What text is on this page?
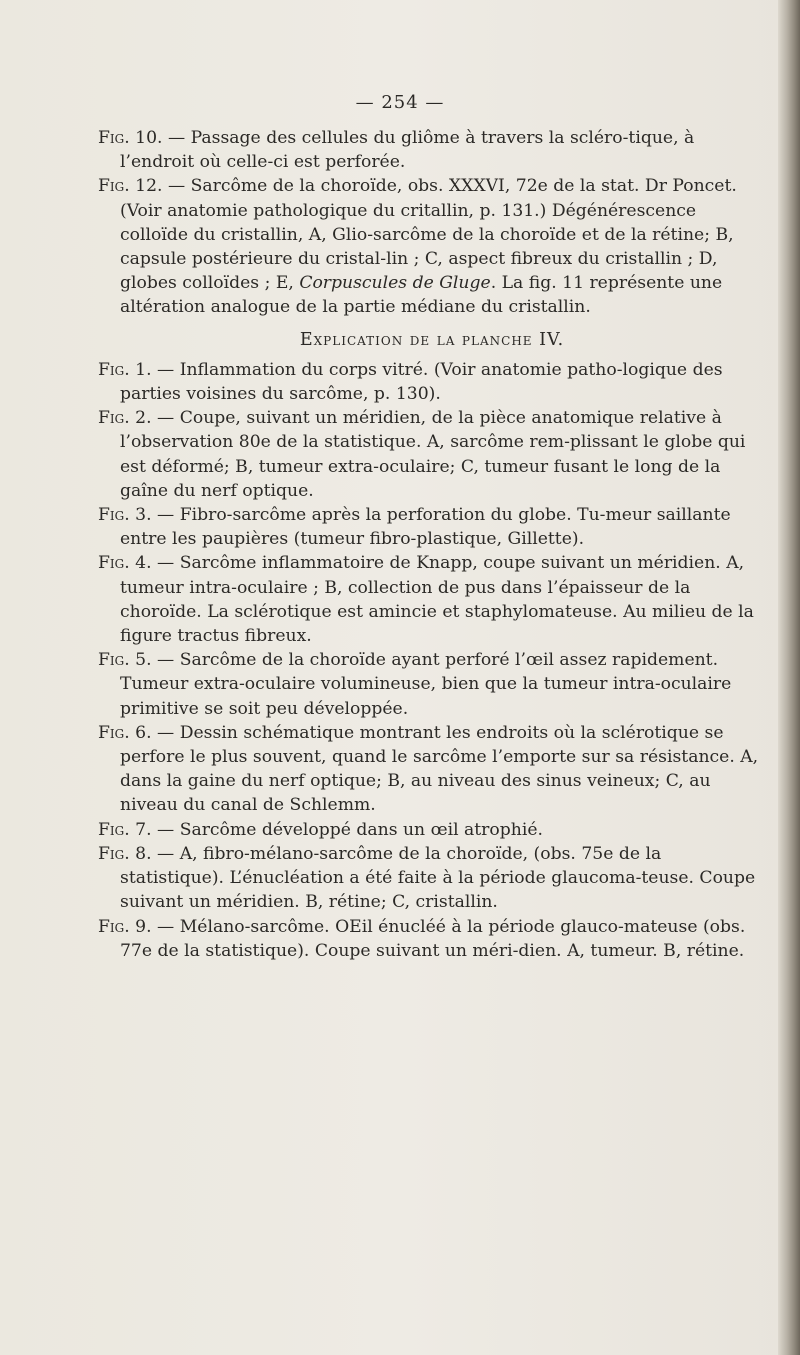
— 254 —

Fig. 10. — Passage des cellules du gliôme à travers la scléro-tique, à l’endroit où celle-ci est perforée.

Fig. 12. — Sarcôme de la choroïde, obs. XXXVI, 72e de la stat. Dr Poncet. (Voir anatomie pathologique du critallin, p. 131.) Dégénérescence colloïde du cristallin, A, Glio-sarcôme de la choroïde et de la rétine; B, capsule postérieure du cristal-lin ; C, aspect fibreux du cristallin ; D, globes colloïdes ; E, Corpuscules de Gluge. La fig. 11 représente une altération analogue de la partie médiane du cristallin.

Explication de la planche IV.

Fig. 1. — Inflammation du corps vitré. (Voir anatomie patho-logique des parties voisines du sarcôme, p. 130).

Fig. 2. — Coupe, suivant un méridien, de la pièce anatomique relative à l’observation 80e de la statistique. A, sarcôme rem-plissant le globe qui est déformé; B, tumeur extra-oculaire; C, tumeur fusant le long de la gaîne du nerf optique.

Fig. 3. — Fibro-sarcôme après la perforation du globe. Tu-meur saillante entre les paupières (tumeur fibro-plastique, Gillette).

Fig. 4. — Sarcôme inflammatoire de Knapp, coupe suivant un méridien. A, tumeur intra-oculaire ; B, collection de pus dans l’épaisseur de la choroïde. La sclérotique est amincie et staphylomateuse. Au milieu de la figure tractus fibreux.

Fig. 5. — Sarcôme de la choroïde ayant perforé l’œil assez rapidement. Tumeur extra-oculaire volumineuse, bien que la tumeur intra-oculaire primitive se soit peu développée.

Fig. 6. — Dessin schématique montrant les endroits où la sclérotique se perfore le plus souvent, quand le sarcôme l’emporte sur sa résistance. A, dans la gaine du nerf optique; B, au niveau des sinus veineux; C, au niveau du canal de Schlemm.

Fig. 7. — Sarcôme développé dans un œil atrophié.

Fig. 8. — A, fibro-mélano-sarcôme de la choroïde, (obs. 75e de la statistique). L’énucléation a été faite à la période glaucoma-teuse. Coupe suivant un méridien. B, rétine; C, cristallin.

Fig. 9. — Mélano-sarcôme. OEil énucléé à la période glauco-mateuse (obs. 77e de la statistique). Coupe suivant un méri-dien. A, tumeur. B, rétine.
